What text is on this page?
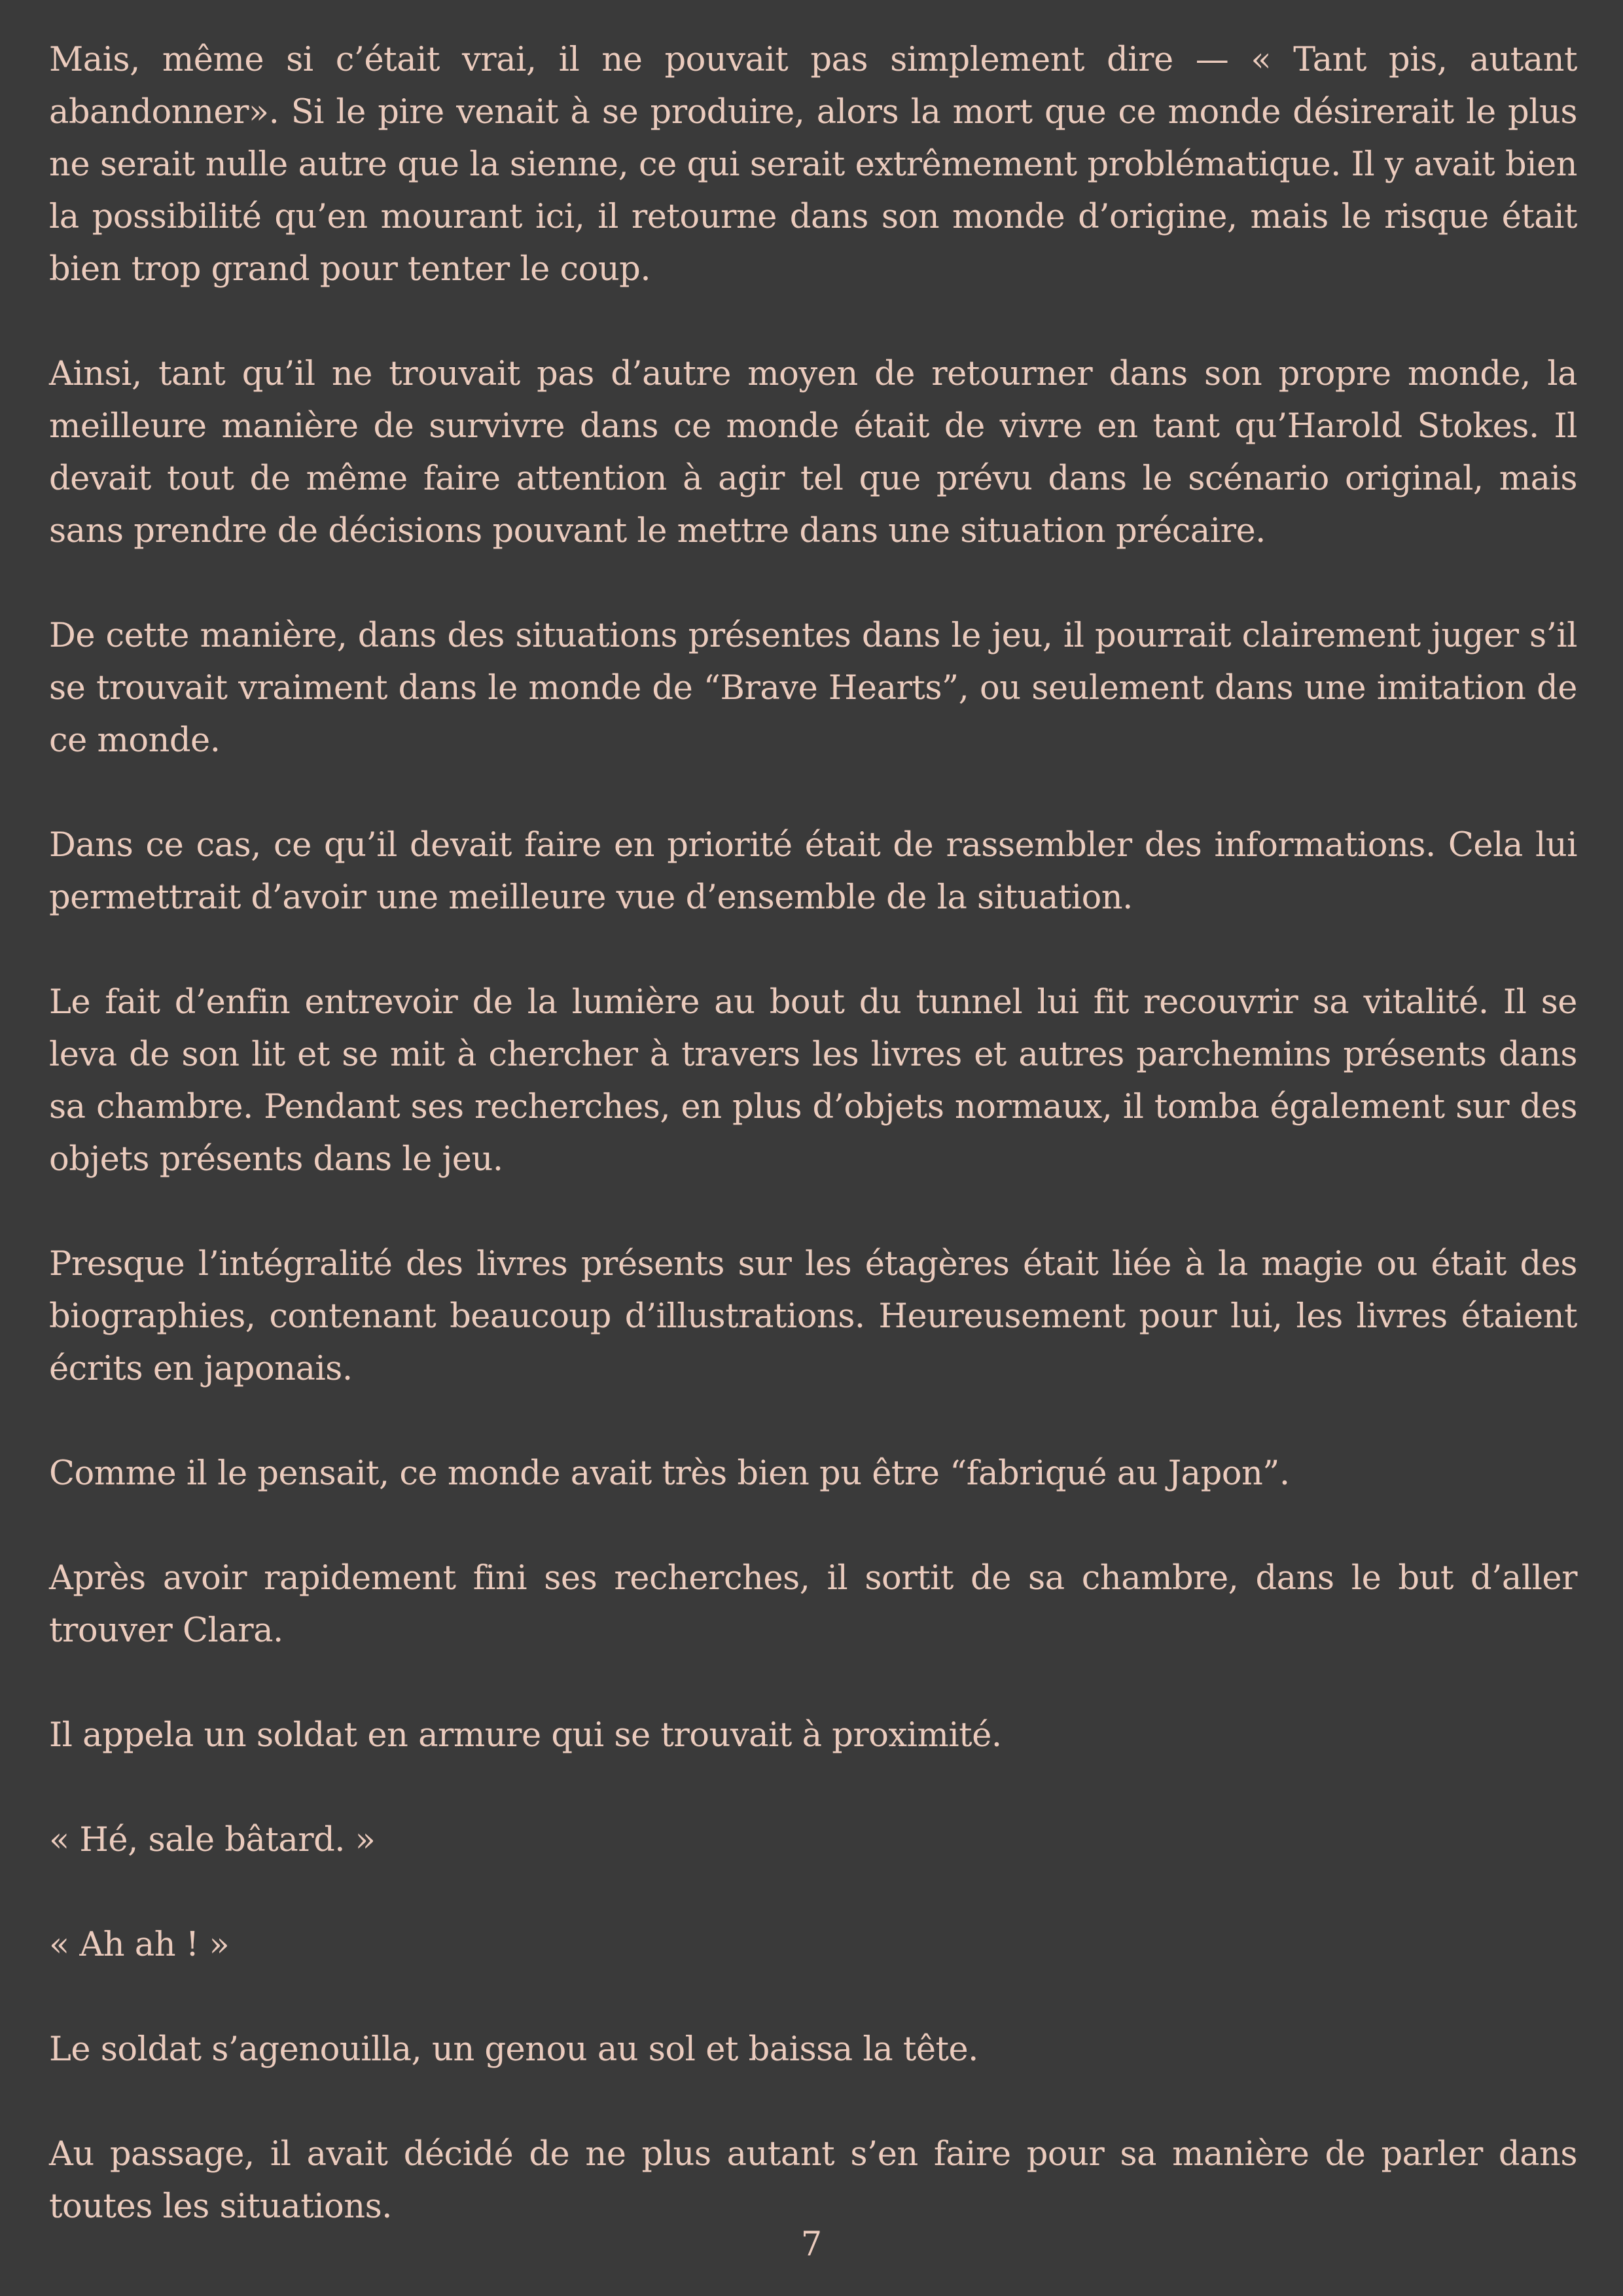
Mais, même si c’était vrai, il ne pouvait pas simplement dire — « Tant pis, autant abandonner». Si le pire venait à se produire, alors la mort que ce monde désirerait le plus ne serait nulle autre que la sienne, ce qui serait extrêmement problématique. Il y avait bien la possibilité qu’en mourant ici, il retourne dans son monde d’origine, mais le risque était bien trop grand pour tenter le coup.

Ainsi, tant qu’il ne trouvait pas d’autre moyen de retourner dans son propre monde, la meilleure manière de survivre dans ce monde était de vivre en tant qu’Harold Stokes. Il devait tout de même faire attention à agir tel que prévu dans le scénario original, mais sans prendre de décisions pouvant le mettre dans une situation précaire.

De cette manière, dans des situations présentes dans le jeu, il pourrait clairement juger s’il se trouvait vraiment dans le monde de “Brave Hearts”, ou seulement dans une imitation de ce monde.

Dans ce cas, ce qu’il devait faire en priorité était de rassembler des informations. Cela lui permettrait d’avoir une meilleure vue d’ensemble de la situation.

Le fait d’enfin entrevoir de la lumière au bout du tunnel lui fit recouvrir sa vitalité. Il se leva de son lit et se mit à chercher à travers les livres et autres parchemins présents dans sa chambre. Pendant ses recherches, en plus d’objets normaux, il tomba également sur des objets présents dans le jeu.

Presque l’intégralité des livres présents sur les étagères était liée à la magie ou était des biographies, contenant beaucoup d’illustrations. Heureusement pour lui, les livres étaient écrits en japonais.

Comme il le pensait, ce monde avait très bien pu être “fabriqué au Japon”.

Après avoir rapidement fini ses recherches, il sortit de sa chambre, dans le but d’aller trouver Clara.

Il appela un soldat en armure qui se trouvait à proximité.

« Hé, sale bâtard. »

« Ah ah ! »

Le soldat s’agenouilla, un genou au sol et baissa la tête.

Au passage, il avait décidé de ne plus autant s’en faire pour sa manière de parler dans toutes les situations.

7
